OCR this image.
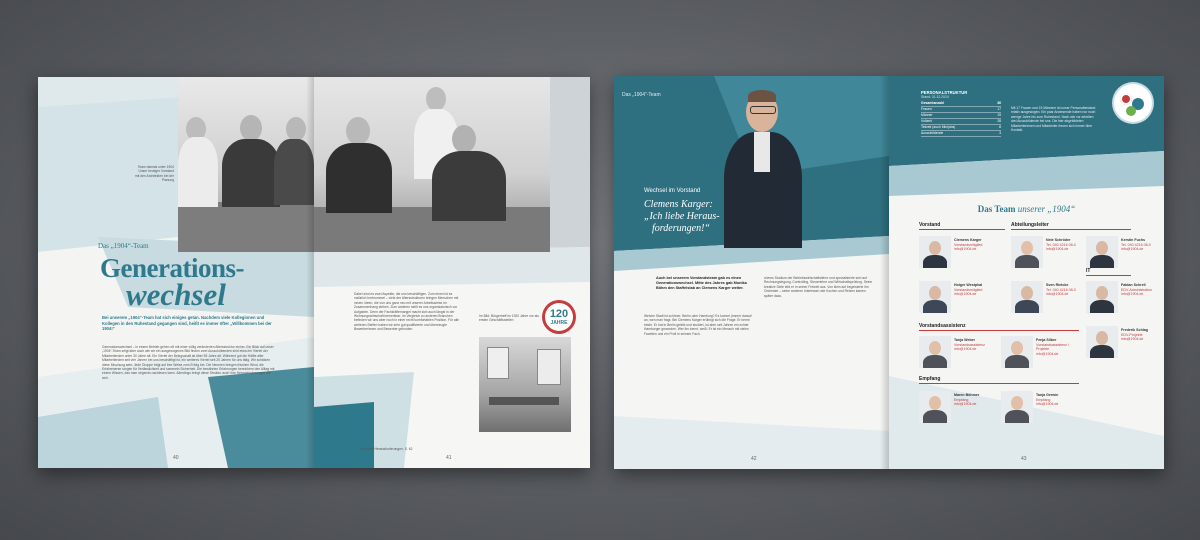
Team damals unter 1904 Unser heutiger Vorstand mit den Architekten bei der Planung
Das „1904“-Team
Generations-
wechsel
Bei unserem „1904“-Team hat sich einiges getan. Nachdem viele Kolleginnen und Kollegen in den Ruhestand gegangen sind, heißt es immer öfter „Willkommen bei der 1904!“
Generationswechsel – in einem Betrieb gehen oft mit einer völlig veränderten Altersstruktur einher. Ein Blick auf unser „1904“-Team zeigt aber auch wie wir ein ausgewogenes Bild finden zwei Ausschüttenden sind etwa ein Viertel der Mitarbeitenden unter 30 Jahre alt. Ein Viertel der Belegschaft ist über 55 Jahre alt. Während gut die Hälfte aller Mitarbeitenden seit vier Jahren bei uns beschäftigt ist, ein weiteres Viertel seit 25 Jahren für uns tätig. Wir schätzen diese Mischung sehr. Jede Gruppe trägt auf ihre Weise zum Erfolg bei. Die Neueren bringen frischen Wind, die Erfahreneren sorgen für Verlässlichkeit und sammeln Sicherheit. Die bewährten Erfahrungen bereichern den Alltag mit einem Wissen, das man nirgends nachlesen kann. Allerdings bringt diese Struktur auch ihre Herausforderungen mit sich.
40
Dabei sind es zwei Aspekte, die uns beschäftigen. Zum einen ist es natürlich herbrummel – viele der Altersstrukturen bringen Menschen mit neuen Ideen, die von uns ganz neu mit unserer Arbeitsweise im Zusammenhang stehen. Zum anderen stellt es uns organisatorisch vor Aufgaben. Denn der Fachkräftemangel macht sich auch längst in der Wohnungswirtschaft bemerkbar. Im Vergleich zu anderen Branchen befinden wir uns aber noch in einer recht komfortablen Position. Für alle weiteren Stellen haben wir sehr gut qualifizierte und überzeugte Bewerberinnen und Bewerber gefunden.
Im Bild: Bürgertreff im 1920 Jahre vor als ersten Geschäftsstellen
120
JAHRE
Ich Jahre Herausforderungen, S. 62
41
Das „1904“-Team
Wechsel im Vorstand
Clemens Karger:
„Ich liebe Heraus-
forderungen!“
Auch bei unserem Vorstandsteam gab es einen Generationswechsel. Mitte des Jahres gab Monika Böhm den Staffelstab an Clemens Karger weiter.
Welche Stadt ist schöner: Berlin oder Hamburg? Es kommt (immer darauf an, wen man fragt. Bei Clemens Karger erübrigt sich die Frage. Er kennt beide. Er hat in Berlin gelebt und studiert, ist aber seit Jahren ein echter Hamburger geworden. Wer ihn kennt, weiß: Er ist ein Mensch mit vielen Facetten und ein Profi in seinem Fach.
chems Studium der Betriebswirtschaftslehre und spezialisierte sich auf Rechnungslegung, Controlling, Steuerlehre und Wirtschaftsprüfung. Seine kreative Seite lebt er in seiner Freizeit aus. Von klein auf begeisterte ihn Orchester – seine anderen Interessen wie Kochen und Reisen kamen später dazu.
42
PERSONALSTRUKTUR
Stand: 31.12.2024
Gesamtanzahl	36
Frauen	17
Männer	19
Vollzeit	28
Teilzeit (auch Minijobs)	8
Auszubildende	3
Mit 17 Frauen und 19 Männern ist unser Personalbestand relativ ausgewogen. Ein paar Anwesende haben nur noch wenige Jahre bis zum Ruhestand. Nach wie vor arbeiten drei Auszubildende bei uns. Die hier abgebildeten Mitarbeiterinnen und Mitarbeiter freuen sich immer über Kontakt.
Das Team unserer „1904“
Vorstand	Abteilungsleiter
IT
Vorstandsassistenz
Empfang
Clemens Karger
Vorstandsmitglied
info@1904.de
Holger Westphal
Vorstandsmitglied
info@1904.de
Nele Schröder
Tel. 040 4216 08-0
info@1904.de
Kerstin Fuchs
Tel. 040 4216 08-0
info@1904.de
Sven Rietcke
Tel. 040 4216 08-0
info@1904.de
Fabian Schrell
EDV-Administration
info@1904.de
Frederik Schlag
EDV-Projekte
info@1904.de
Tanja Weber
Vorstandsassistenz
info@1904.de
Fenja Silber
Vorstandsassistenz / Projekte
info@1904.de
Maren Böhmer
Empfang
info@1904.de
Tanja Gerwin
Empfang
info@1904.de
43
